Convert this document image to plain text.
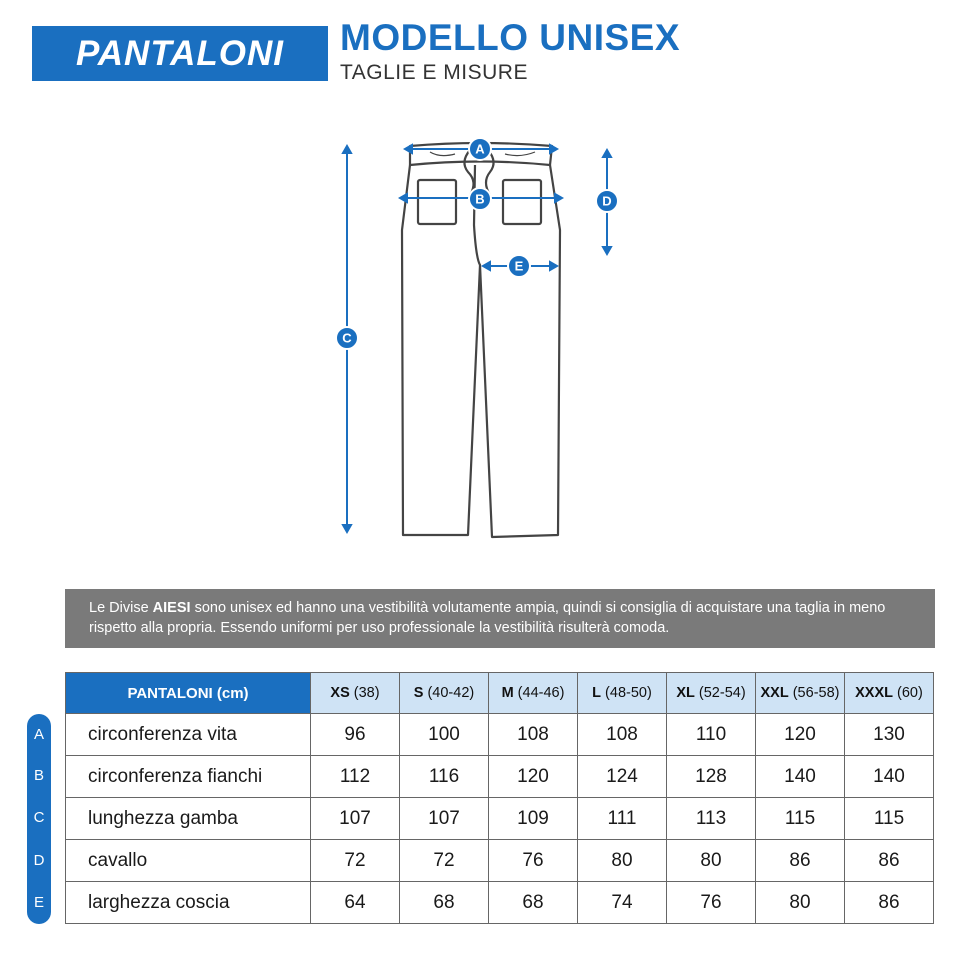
PANTALONI	MODELLO UNISEX
TAGLIE E MISURE
A
B
C
D
E
Le Divise AIESI sono unisex ed hanno una vestibilità volutamente ampia, quindi si consiglia di acquistare una taglia in meno rispetto alla propria. Essendo uniformi per uso professionale la vestibilità risulterà comoda.
A
B
C
D
E
PANTALONI (cm)	XS (38)	S (40-42)	M (44-46)	L (48-50)	XL (52-54)	XXL (56-58)	XXXL (60)
circonferenza vita	96	100	108	108	110	120	130
circonferenza fianchi	112	116	120	124	128	140	140
lunghezza gamba	107	107	109	111	113	115	115
cavallo	72	72	76	80	80	86	86
larghezza coscia	64	68	68	74	76	80	86
